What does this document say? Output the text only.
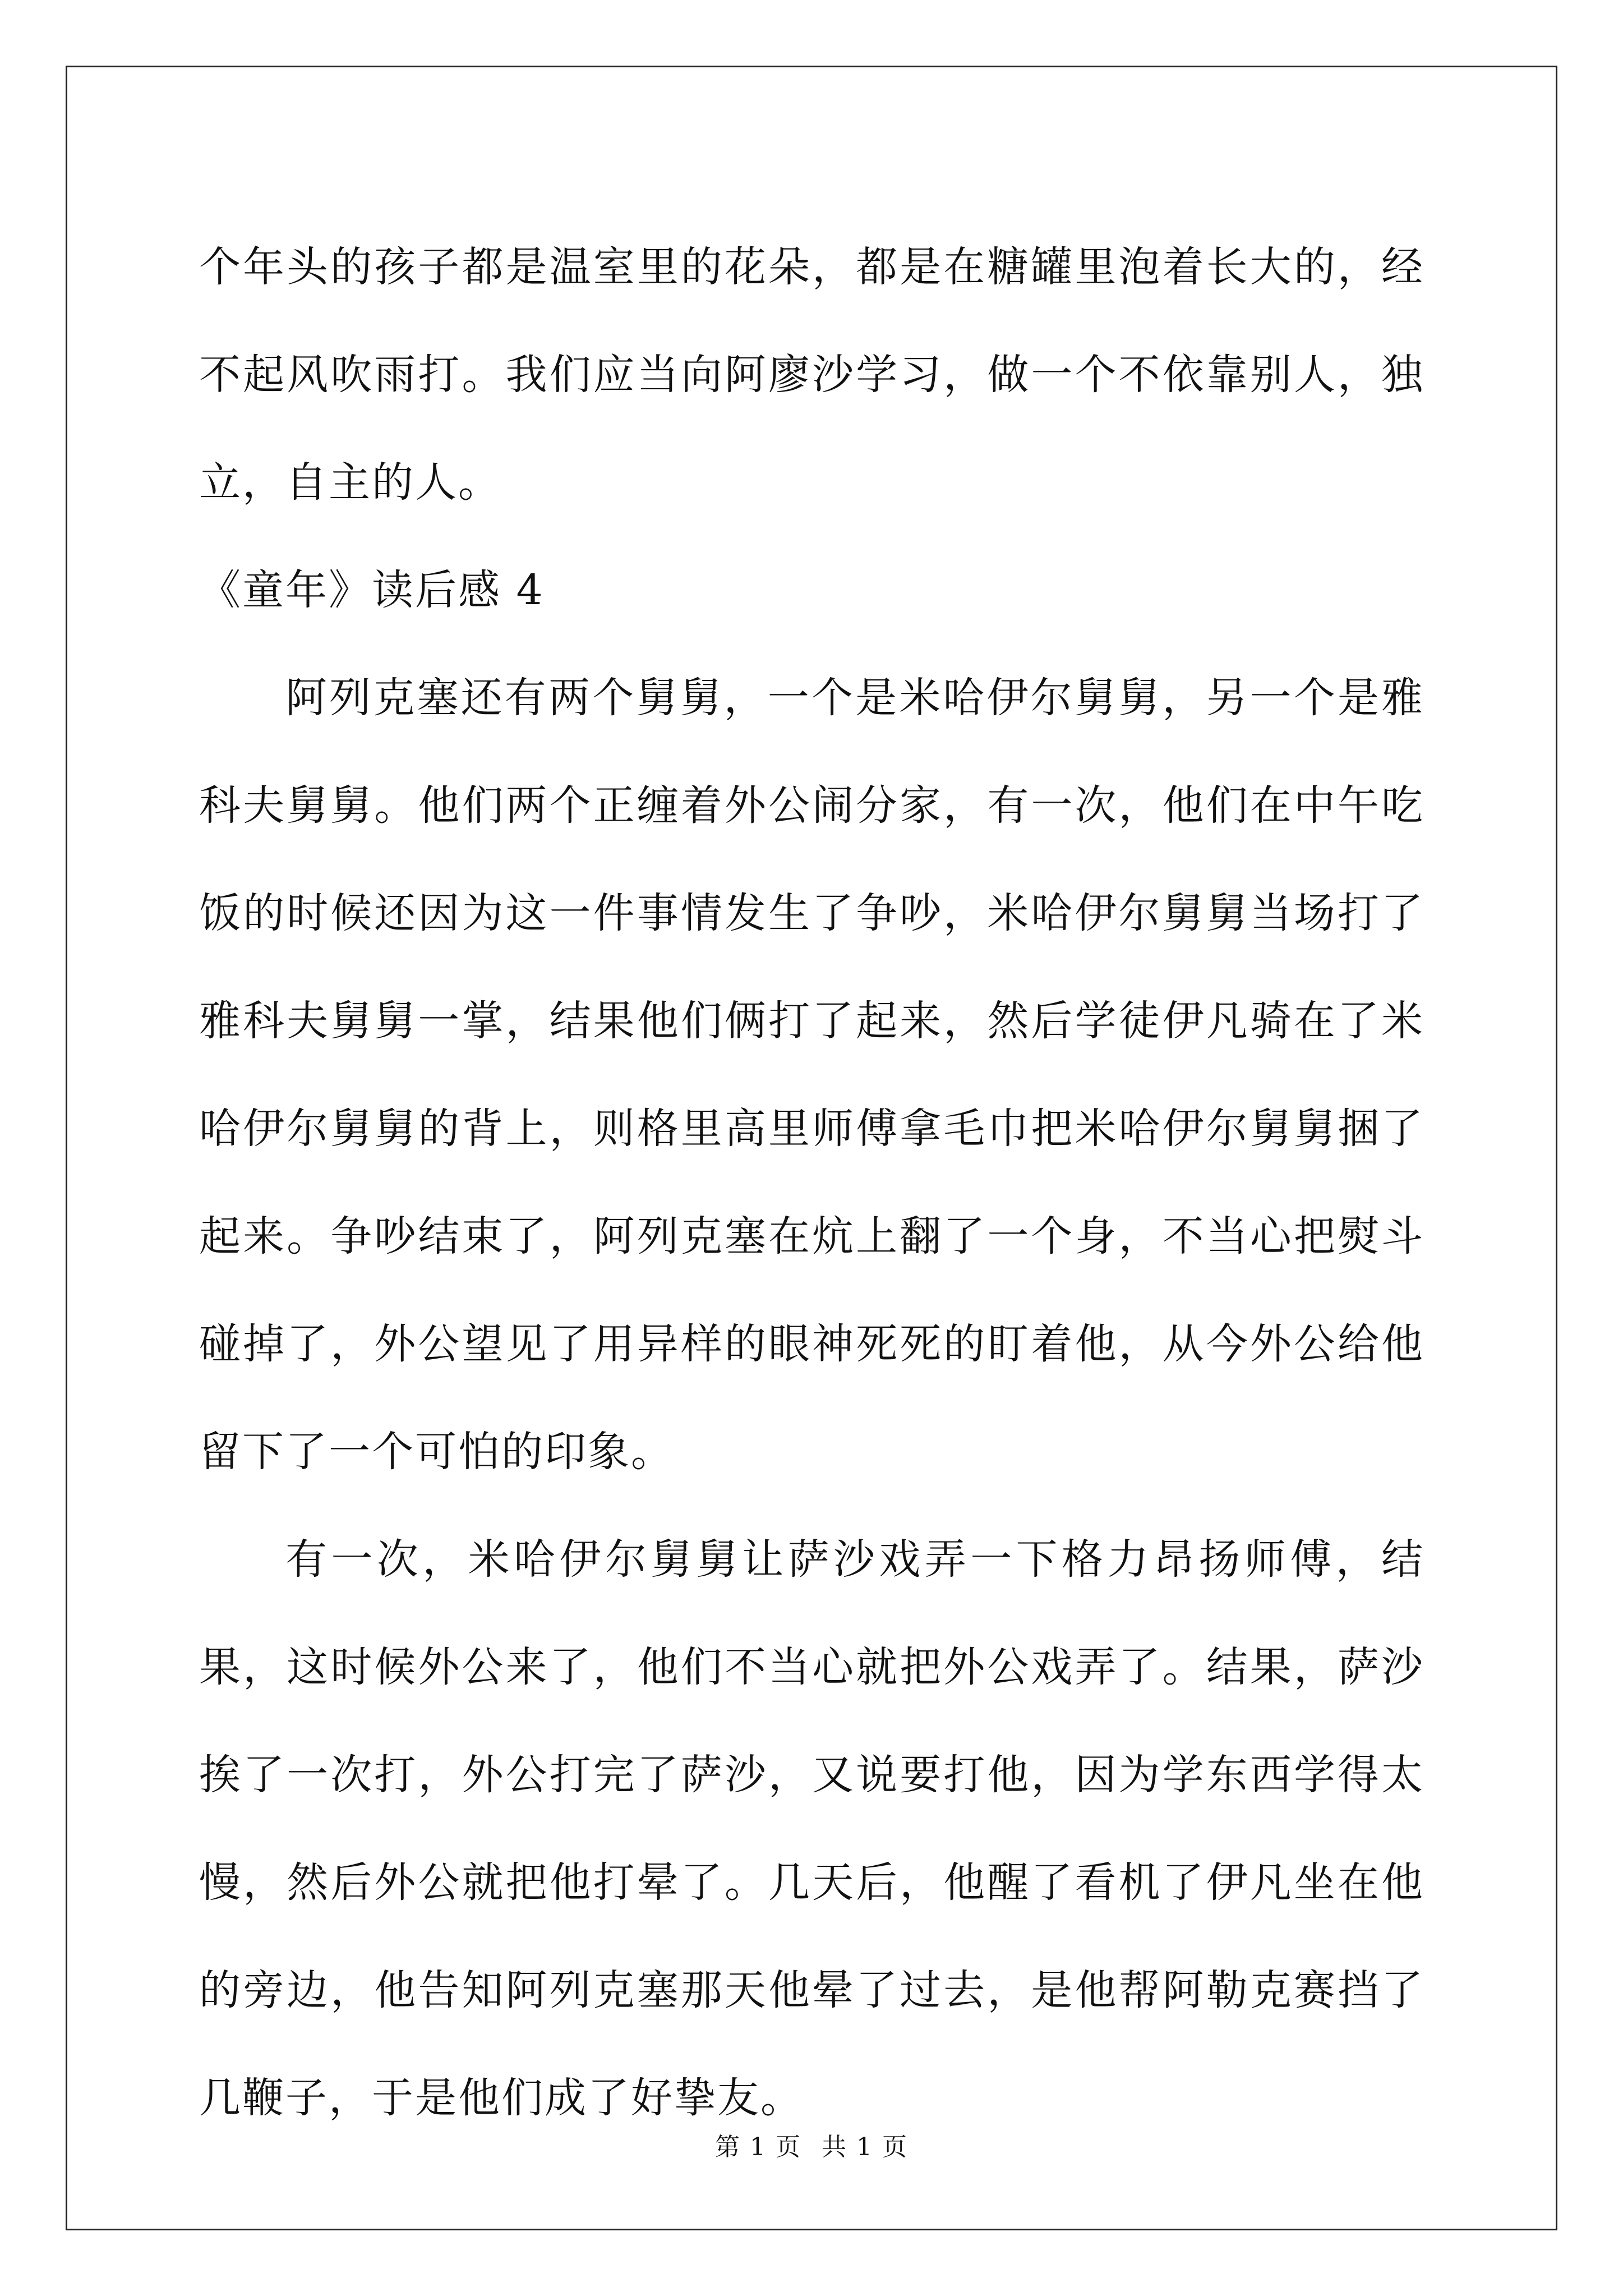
个年头的孩子都是温室里的花朵，都是在糖罐里泡着长大的，经不起风吹雨打。我们应当向阿廖沙学习，做一个不依靠别人，独立，自主的人。

《童年》读后感 4

阿列克塞还有两个舅舅，一个是米哈伊尔舅舅，另一个是雅科夫舅舅。他们两个正缠着外公闹分家，有一次，他们在中午吃饭的时候还因为这一件事情发生了争吵，米哈伊尔舅舅当场打了雅科夫舅舅一掌，结果他们俩打了起来，然后学徒伊凡骑在了米哈伊尔舅舅的背上，则格里高里师傅拿毛巾把米哈伊尔舅舅捆了起来。争吵结束了，阿列克塞在炕上翻了一个身，不当心把熨斗碰掉了，外公望见了用异样的眼神死死的盯着他，从今外公给他留下了一个可怕的印象。

有一次，米哈伊尔舅舅让萨沙戏弄一下格力昂扬师傅，结果，这时候外公来了，他们不当心就把外公戏弄了。结果，萨沙挨了一次打，外公打完了萨沙，又说要打他，因为学东西学得太慢，然后外公就把他打晕了。几天后，他醒了看机了伊凡坐在他的旁边，他告知阿列克塞那天他晕了过去，是他帮阿勒克赛挡了几鞭子，于是他们成了好挚友。

第 1 页 共 1 页
